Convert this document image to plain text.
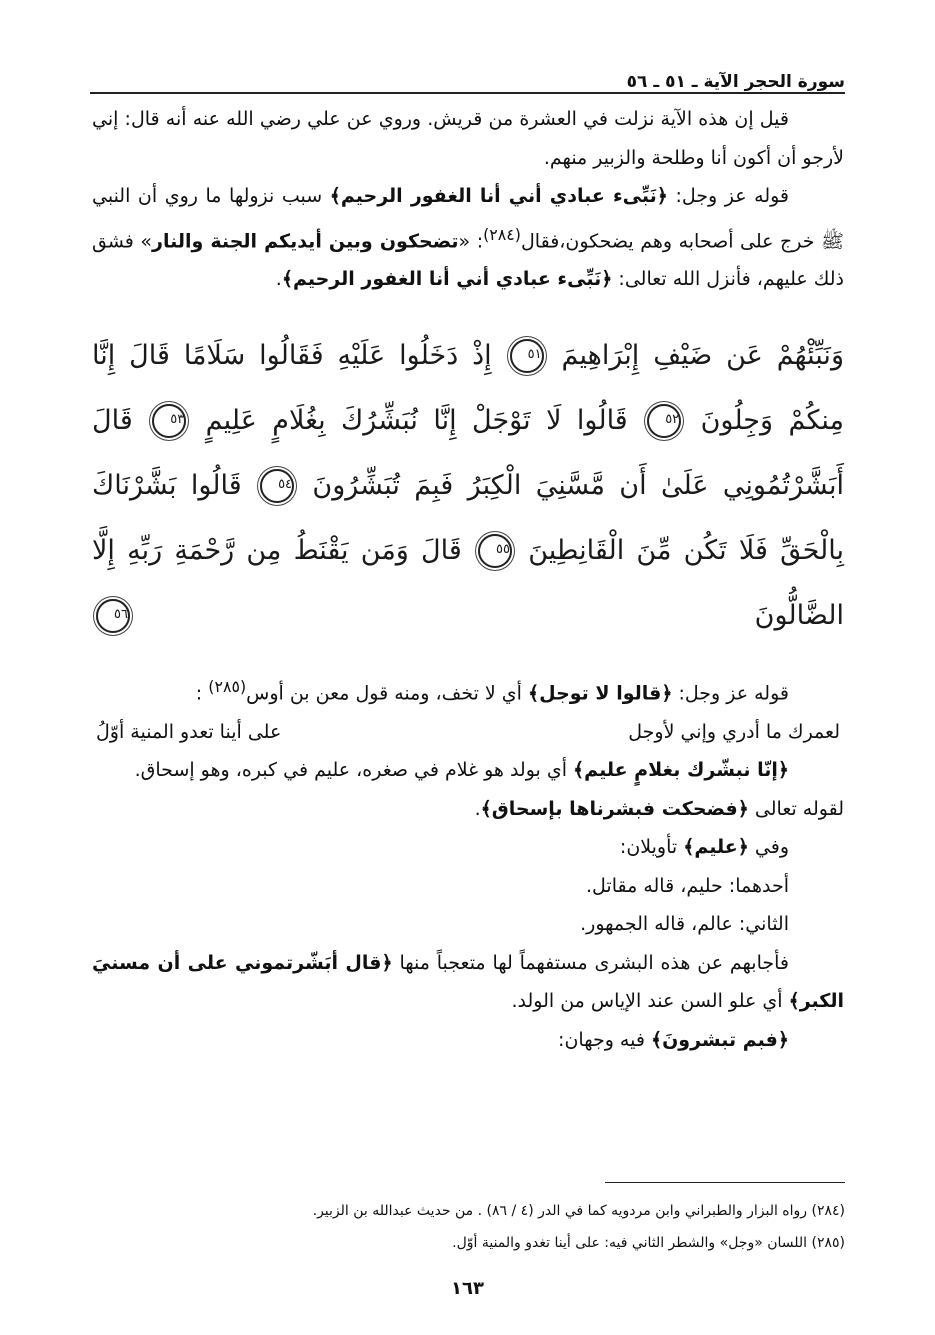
سورة الحجر الآية ـ ٥١ ـ ٥٦

قيل إن هذه الآية نزلت في العشرة من قريش. وروي عن علي رضي الله عنه أنه قال: إني لأرجو أن أكون أنا وطلحة والزبير منهم.

قوله عز وجل: ﴿نَبِّىء عبادي أني أنا الغفور الرحيم﴾ سبب نزولها ما روي أن النبي ﷺ خرج على أصحابه وهم يضحكون،فقال$^{(٢٨٤)}$: «تضحكون وبين أيديكم الجنة والنار» فشق ذلك عليهم، فأنزل الله تعالى: ﴿نَبِّىء عبادي أني أنا الغفور الرحيم﴾.

وَنَبِّئْهُمْ عَن ضَيْفِ إِبْرَاهِيمَ ٥١ إِذْ دَخَلُوا عَلَيْهِ فَقَالُوا سَلَامًا قَالَ إِنَّا مِنكُمْ وَجِلُونَ ٥٢ قَالُوا لَا تَوْجَلْ إِنَّا نُبَشِّرُكَ بِغُلَامٍ عَلِيمٍ ٥٣ قَالَ أَبَشَّرْتُمُونِي عَلَىٰ أَن مَّسَّنِيَ الْكِبَرُ فَبِمَ تُبَشِّرُونَ ٥٤ قَالُوا بَشَّرْنَاكَ بِالْحَقِّ فَلَا تَكُن مِّنَ الْقَانِطِينَ ٥٥ قَالَ وَمَن يَقْنَطُ مِن رَّحْمَةِ رَبِّهِ إِلَّا الضَّالُّونَ ٥٦

قوله عز وجل: ﴿قالوا لا توجل﴾ أي لا تخف، ومنه قول معن بن أوس$^{(٢٨٥)}$ :

لعمرك ما أدري وإني لأوجل
على أينا تعدو المنية أوّلُ

﴿إنّا نبشّرك بغلامٍ عليم﴾ أي بولد هو غلام في صغره، عليم في كبره، وهو إسحاق.

لقوله تعالى ﴿فضحكت فبشرناها بإسحاق﴾.

وفي ﴿عليم﴾ تأويلان:

أحدهما: حليم، قاله مقاتل.

الثاني: عالم، قاله الجمهور.

فأجابهم عن هذه البشرى مستفهماً لها متعجباً منها ﴿قال أبَشّرتموني على أن مسنيَ الكبر﴾ أي علو السن عند الإياس من الولد.

﴿فبم تبشرونَ﴾ فيه وجهان:

(٢٨٤) رواه البزار والطبراني وابن مردويه كما في الدر (٤ / ٨٦) . من حديث عبدالله بن الزبير.

(٢٨٥) اللسان «وجل» والشطر الثاني فيه: على أينا تغدو والمنية أوّل.

١٦٣
